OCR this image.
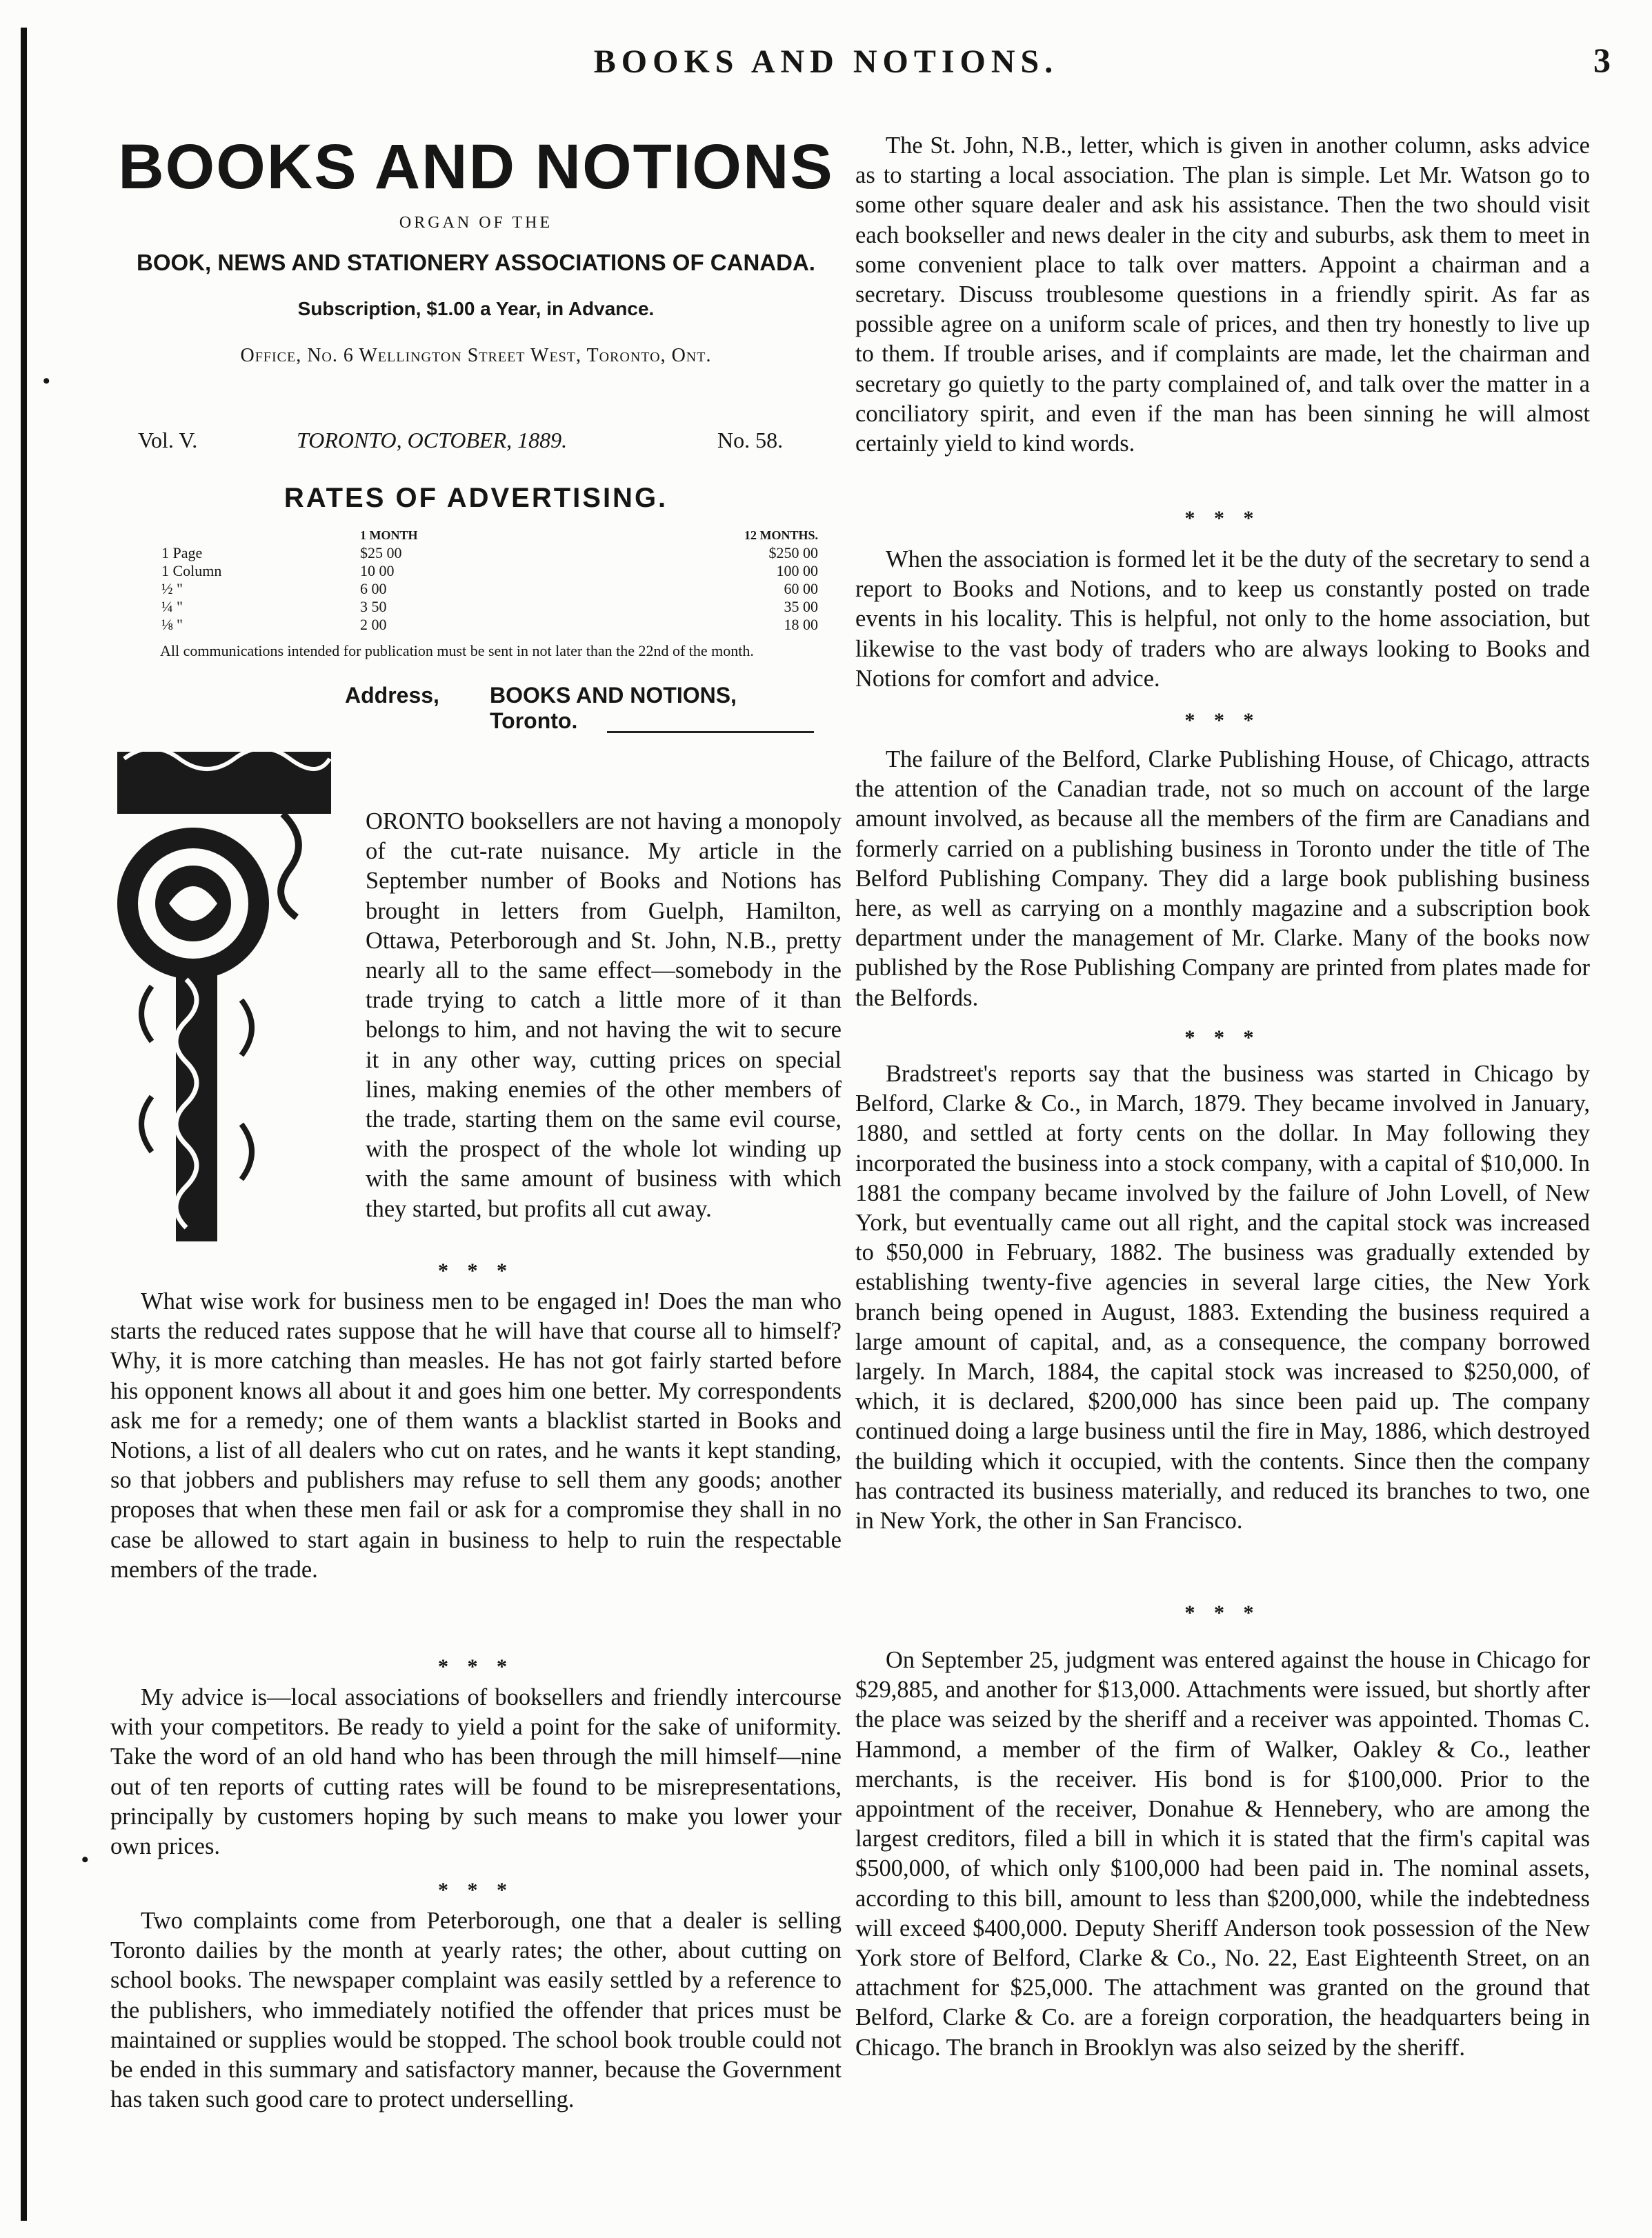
BOOKS AND NOTIONS.	3
BOOKS AND NOTIONS
ORGAN OF THE
BOOK, NEWS AND STATIONERY ASSOCIATIONS OF CANADA.
Subscription, $1.00 a Year, in Advance.
Office, No. 6 Wellington Street West, Toronto, Ont.
Vol. V.	TORONTO, OCTOBER, 1889.	No. 58.
RATES OF ADVERTISING.
	1 MONTH		12 MONTHS.
1 Page	$25 00		$250 00
1 Column	10 00		100 00
½ "	6 00		60 00
¼ "	3 50		35 00
⅛ "	2 00		18 00
All communications intended for publication must be sent in not later than the 22nd of the month.
Address, BOOKS AND NOTIONS, Toronto.

ORONTO booksellers are not having a monopoly of the cut-rate nuisance. My article in the September number of Books and Notions has brought in letters from Guelph, Hamilton, Ottawa, Peterborough and St. John, N.B., pretty nearly all to the same effect—somebody in the trade trying to catch a little more of it than belongs to him, and not having the wit to secure it in any other way, cutting prices on special lines, making enemies of the other members of the trade, starting them on the same evil course, with the prospect of the whole lot winding up with the same amount of business with which they started, but profits all cut away.

* * *

What wise work for business men to be engaged in! Does the man who starts the reduced rates suppose that he will have that course all to himself? Why, it is more catching than measles. He has not got fairly started before his opponent knows all about it and goes him one better. My correspondents ask me for a remedy; one of them wants a blacklist started in Books and Notions, a list of all dealers who cut on rates, and he wants it kept standing, so that jobbers and publishers may refuse to sell them any goods; another proposes that when these men fail or ask for a compromise they shall in no case be allowed to start again in business to help to ruin the respectable members of the trade.

* * *

My advice is—local associations of booksellers and friendly intercourse with your competitors. Be ready to yield a point for the sake of uniformity. Take the word of an old hand who has been through the mill himself—nine out of ten reports of cutting rates will be found to be misrepresentations, principally by customers hoping by such means to make you lower your own prices.

* * *

Two complaints come from Peterborough, one that a dealer is selling Toronto dailies by the month at yearly rates; the other, about cutting on school books. The newspaper complaint was easily settled by a reference to the publishers, who immediately notified the offender that prices must be maintained or supplies would be stopped. The school book trouble could not be ended in this summary and satisfactory manner, because the Government has taken such good care to protect underselling.

The St. John, N.B., letter, which is given in another column, asks advice as to starting a local association. The plan is simple. Let Mr. Watson go to some other square dealer and ask his assistance. Then the two should visit each bookseller and news dealer in the city and suburbs, ask them to meet in some convenient place to talk over matters. Appoint a chairman and a secretary. Discuss troublesome questions in a friendly spirit. As far as possible agree on a uniform scale of prices, and then try honestly to live up to them. If trouble arises, and if complaints are made, let the chairman and secretary go quietly to the party complained of, and talk over the matter in a conciliatory spirit, and even if the man has been sinning he will almost certainly yield to kind words.

* * *

When the association is formed let it be the duty of the secretary to send a report to Books and Notions, and to keep us constantly posted on trade events in his locality. This is helpful, not only to the home association, but likewise to the vast body of traders who are always looking to Books and Notions for comfort and advice.

* * *

The failure of the Belford, Clarke Publishing House, of Chicago, attracts the attention of the Canadian trade, not so much on account of the large amount involved, as because all the members of the firm are Canadians and formerly carried on a publishing business in Toronto under the title of The Belford Publishing Company. They did a large book publishing business here, as well as carrying on a monthly magazine and a subscription book department under the management of Mr. Clarke. Many of the books now published by the Rose Publishing Company are printed from plates made for the Belfords.

* * *

Bradstreet's reports say that the business was started in Chicago by Belford, Clarke & Co., in March, 1879. They became involved in January, 1880, and settled at forty cents on the dollar. In May following they incorporated the business into a stock company, with a capital of $10,000. In 1881 the company became involved by the failure of John Lovell, of New York, but eventually came out all right, and the capital stock was increased to $50,000 in February, 1882. The business was gradually extended by establishing twenty-five agencies in several large cities, the New York branch being opened in August, 1883. Extending the business required a large amount of capital, and, as a consequence, the company borrowed largely. In March, 1884, the capital stock was increased to $250,000, of which, it is declared, $200,000 has since been paid up. The company continued doing a large business until the fire in May, 1886, which destroyed the building which it occupied, with the contents. Since then the company has contracted its business materially, and reduced its branches to two, one in New York, the other in San Francisco.

* * *

On September 25, judgment was entered against the house in Chicago for $29,885, and another for $13,000. Attachments were issued, but shortly after the place was seized by the sheriff and a receiver was appointed. Thomas C. Hammond, a member of the firm of Walker, Oakley & Co., leather merchants, is the receiver. His bond is for $100,000. Prior to the appointment of the receiver, Donahue & Hennebery, who are among the largest creditors, filed a bill in which it is stated that the firm's capital was $500,000, of which only $100,000 had been paid in. The nominal assets, according to this bill, amount to less than $200,000, while the indebtedness will exceed $400,000. Deputy Sheriff Anderson took possession of the New York store of Belford, Clarke & Co., No. 22, East Eighteenth Street, on an attachment for $25,000. The attachment was granted on the ground that Belford, Clarke & Co. are a foreign corporation, the headquarters being in Chicago. The branch in Brooklyn was also seized by the sheriff.

•
•
